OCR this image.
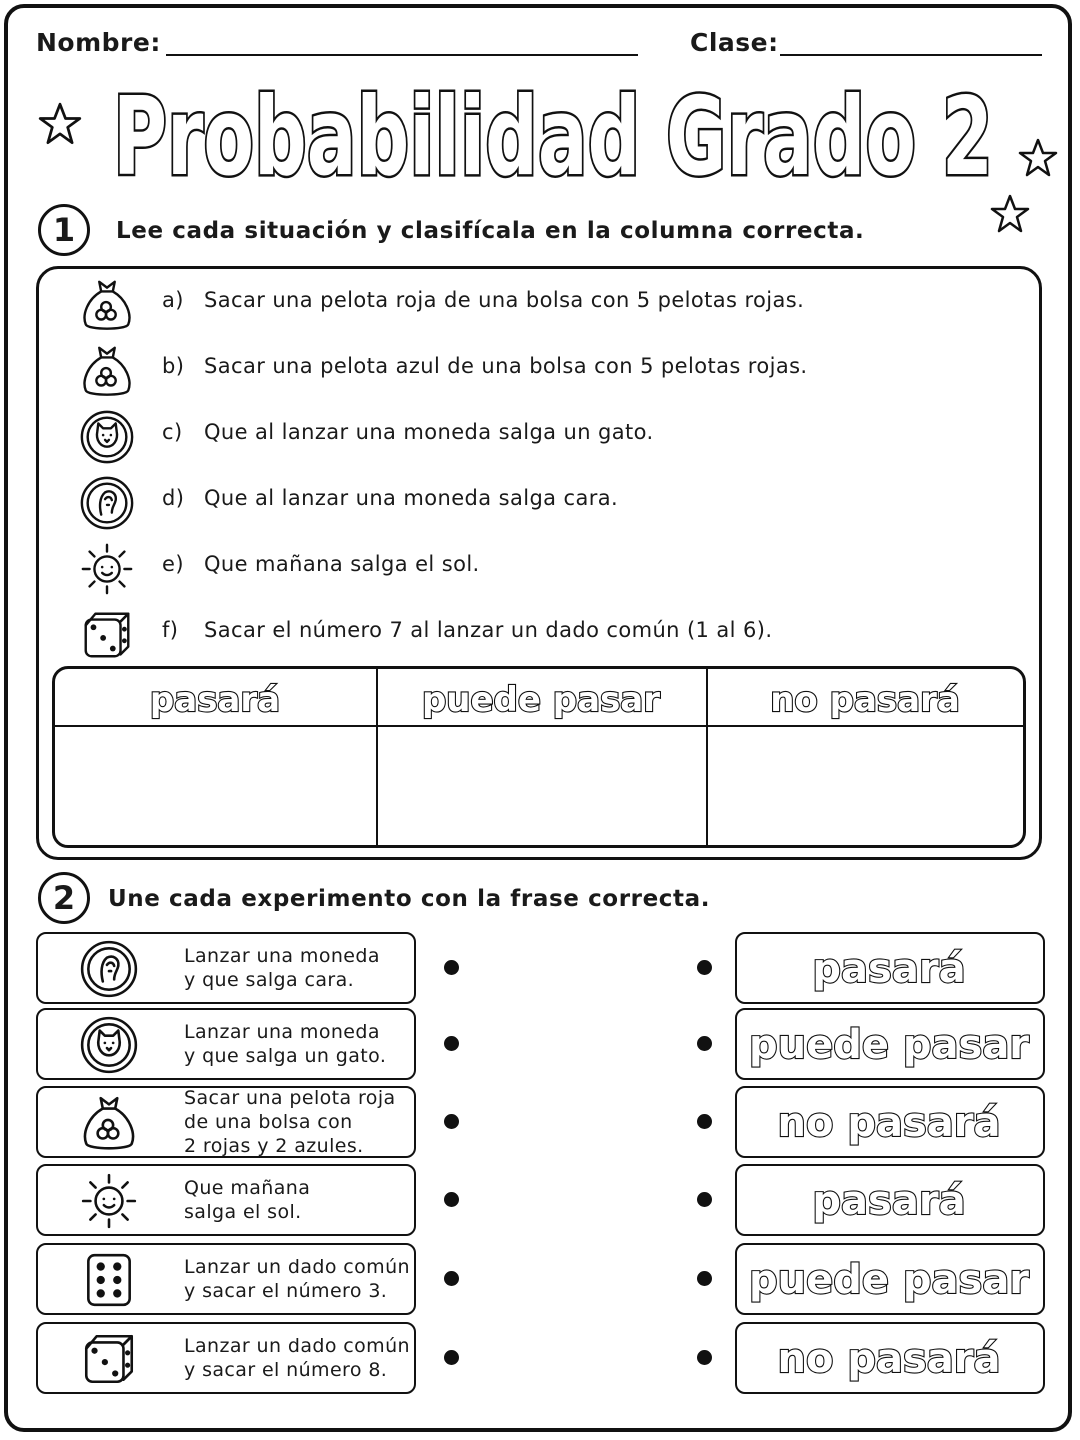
Nombre:	Clase:
Probabilidad Grado 2
1	Lee cada situación y clasifícala en la columna correcta.
a) Sacar una pelota roja de una bolsa con 5 pelotas rojas.
b) Sacar una pelota azul de una bolsa con 5 pelotas rojas.
c) Que al lanzar una moneda salga un gato.
d) Que al lanzar una moneda salga cara.
e) Que mañana salga el sol.
f) Sacar el número 7 al lanzar un dado común (1 al 6).
pasará	puede pasar	no pasará
2	Une cada experimento con la frase correcta.
Lanzar una moneda
y que salga cara.	pasará
Lanzar una moneda
y que salga un gato.	puede pasar
Sacar una pelota roja
de una bolsa con
2 rojas y 2 azules.	no pasará
Que mañana
salga el sol.	pasará
Lanzar un dado común
y sacar el número 3.	puede pasar
Lanzar un dado común
y sacar el número 8.	no pasará
